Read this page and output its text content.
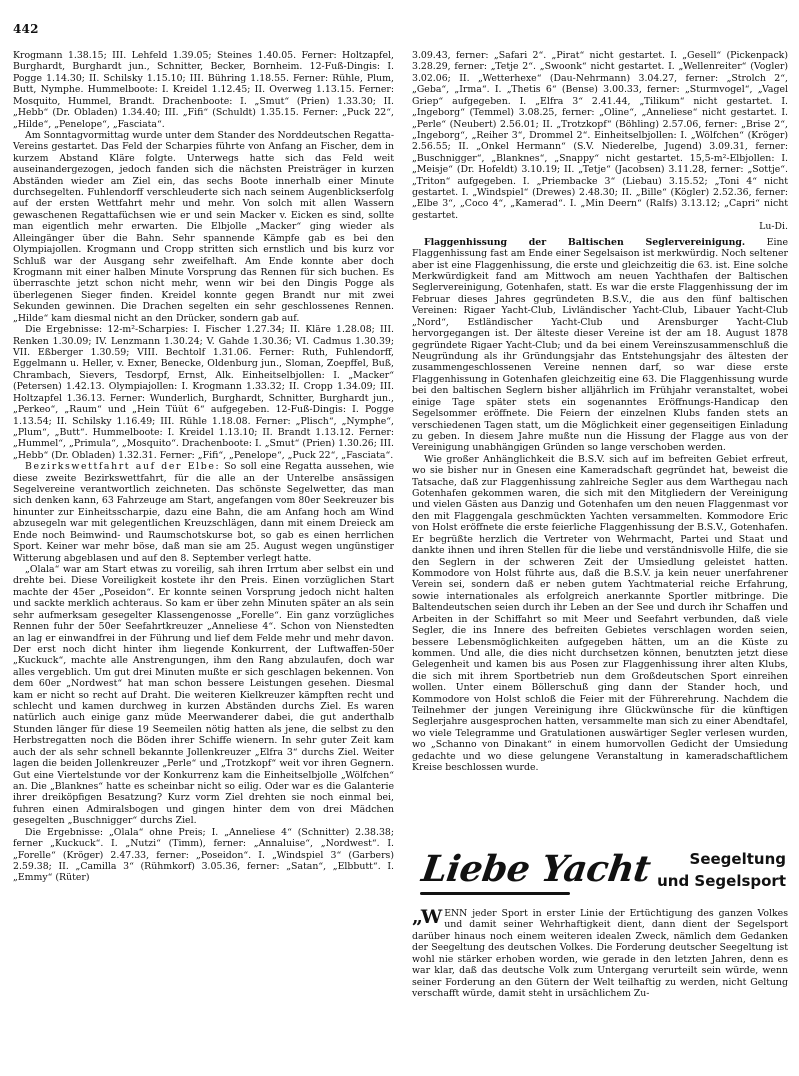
442

Krogmann 1.38.15; III. Lehfeld 1.39.05; Steines 1.40.05. Ferner: Holtzapfel, Burghardt, Burghardt jun., Schnitter, Becker, Bornheim. 12-Fuß-Dingis: I. Pogge 1.14.30; II. Schilsky 1.15.10; III. Bühring 1.18.55. Ferner: Rühle, Plum, Butt, Nymphe. Hummelboote: I. Kreidel 1.12.45; II. Overweg 1.13.15. Ferner: Mosquito, Hummel, Brandt. Drachenboote: I. „Smut“ (Prien) 1.33.30; II. „Hebb“ (Dr. Obladen) 1.34.40; III. „Fifi“ (Schuldt) 1.35.15. Ferner: „Puck 22“, „Hilde“, „Penelope“, „Fasciata“.

Am Sonntagvormittag wurde unter dem Stander des Norddeutschen Regatta-Vereins gestartet. Das Feld der Scharpies führte von Anfang an Fischer, dem in kurzem Abstand Kläre folgte. Unterwegs hatte sich das Feld weit auseinandergezogen, jedoch fanden sich die nächsten Preisträger in kurzen Abständen wieder am Ziel ein, das sechs Boote innerhalb einer Minute durchsegelten. Fuhlendorff verschleuderte sich nach seinem Augenblickserfolg auf der ersten Wettfahrt mehr und mehr. Von solch mit allen Wassern gewaschenen Regattafüchsen wie er und sein Macker v. Eicken es sind, sollte man eigentlich mehr erwarten. Die Elbjolle „Macker“ ging wieder als Alleingänger über die Bahn. Sehr spannende Kämpfe gab es bei den Olympiajollen. Krogmann und Cropp stritten sich ernstlich und bis kurz vor Schluß war der Ausgang sehr zweifelhaft. Am Ende konnte aber doch Krogmann mit einer halben Minute Vorsprung das Rennen für sich buchen. Es überraschte jetzt schon nicht mehr, wenn wir bei den Dingis Pogge als überlegenen Sieger finden. Kreidel konnte gegen Brandt nur mit zwei Sekunden gewinnen. Die Drachen segelten ein sehr geschlossenes Rennen. „Hilde“ kam diesmal nicht an den Drücker, sondern gab auf.

Die Ergebnisse: 12-m²-Scharpies: I. Fischer 1.27.34; II. Kläre 1.28.08; III. Renken 1.30.09; IV. Lenzmann 1.30.24; V. Gahde 1.30.36; VI. Cadmus 1.30.39; VII. Eßberger 1.30.59; VIII. Bechtolf 1.31.06. Ferner: Ruth, Fuhlendorff, Eggelmann u. Heller, v. Exner, Benecke, Oldenburg jun., Sloman, Zoepffel, Buß, Chrambach, Sievers, Tesdorpf, Ernst, Alk. Einheitselbjollen: I. „Macker“ (Petersen) 1.42.13. Olympiajollen: I. Krogmann 1.33.32; II. Cropp 1.34.09; III. Holtzapfel 1.36.13. Ferner: Wunderlich, Burghardt, Schnitter, Burghardt jun., „Perkeo“, „Raum“ und „Hein Tüüt 6“ aufgegeben. 12-Fuß-Dingis: I. Pogge 1.13.54; II. Schilsky 1.16.49; III. Rühle 1.18.08. Ferner: „Plisch“, „Nymphe“, „Plum“, „Butt“. Hummelboote: I. Kreidel 1.13.10; II. Brandt 1.13.12. Ferner: „Hummel“, „Primula“, „Mosquito“. Drachenboote: I. „Smut“ (Prien) 1.30.26; III. „Hebb“ (Dr. Obladen) 1.32.31. Ferner: „Fifi“, „Penelope“, „Puck 22“, „Fasciata“.

Bezirkswettfahrt auf der Elbe: So soll eine Regatta aussehen, wie diese zweite Bezirkswettfahrt, für die alle an der Unterelbe ansässigen Segelvereine verantwortlich zeichneten. Das schönste Segelwetter, das man sich denken kann, 63 Fahrzeuge am Start, angefangen vom 80er Seekreuzer bis hinunter zur Einheitsscharpie, dazu eine Bahn, die am Anfang hoch am Wind abzusegeln war mit gelegentlichen Kreuzschlägen, dann mit einem Dreieck am Ende noch Beimwind- und Raumschotskurse bot, so gab es einen herrlichen Sport. Keiner war mehr böse, daß man sie am 25. August wegen ungünstiger Witterung abgeblasen und auf den 8. September verlegt hatte.

„Olala“ war am Start etwas zu voreilig, sah ihren Irrtum aber selbst ein und drehte bei. Diese Voreiligkeit kostete ihr den Preis. Einen vorzüglichen Start machte der 45er „Poseidon“. Er konnte seinen Vorsprung jedoch nicht halten und sackte merklich achteraus. So kam er über zehn Minuten später an als sein sehr aufmerksam gesegelter Klassengenosse „Forelle“. Ein ganz vorzügliches Rennen fuhr der 50er Seefahrtkreuzer „Anneliese 4“. Schon von Nienstedten an lag er einwandfrei in der Führung und lief dem Felde mehr und mehr davon. Der erst noch dicht hinter ihm liegende Konkurrent, der Luftwaffen-50er „Kuckuck“, machte alle Anstrengungen, ihm den Rang abzulaufen, doch war alles vergeblich. Um gut drei Minuten mußte er sich geschlagen bekennen. Von dem 60er „Nordwest“ hat man schon bessere Leistungen gesehen. Diesmal kam er nicht so recht auf Draht. Die weiteren Kielkreuzer kämpften recht und schlecht und kamen durchweg in kurzen Abständen durchs Ziel. Es waren natürlich auch einige ganz müde Meerwanderer dabei, die gut anderthalb Stunden länger für diese 19 Seemeilen nötig hatten als jene, die selbst zu den Herbstregatten noch die Böden ihrer Schiffe wienern. In sehr guter Zeit kam auch der als sehr schnell bekannte Jollenkreuzer „Elfra 3“ durchs Ziel. Weiter lagen die beiden Jollenkreuzer „Perle“ und „Trotzkopf“ weit vor ihren Gegnern. Gut eine Viertelstunde vor der Konkurrenz kam die Einheitselbjolle „Wölfchen“ an. Die „Blanknes“ hatte es scheinbar nicht so eilig. Oder war es die Galanterie ihrer dreiköpfigen Besatzung? Kurz vorm Ziel drehten sie noch einmal bei, fuhren einen Admiralsbogen und gingen hinter dem von drei Mädchen gesegelten „Buschnigger“ durchs Ziel.

Die Ergebnisse: „Olala“ ohne Preis; I. „Anneliese 4“ (Schnitter) 2.38.38; ferner „Kuckuck“. I. „Nutzi“ (Timm), ferner: „Annaluise“, „Nordwest“. I. „Forelle“ (Kröger) 2.47.33, ferner: „Poseidon“. I. „Windspiel 3“ (Garbers) 2.59.38; II. „Camilla 3“ (Rühmkorf) 3.05.36, ferner: „Satan“, „Elbbutt“. I. „Emmy“ (Rüter)

3.09.43, ferner: „Safari 2“. „Pirat“ nicht gestartet. I. „Gesell“ (Pickenpack) 3.28.29, ferner: „Tetje 2“. „Swoonk“ nicht gestartet. I. „Wellenreiter“ (Vogler) 3.02.06; II. „Wetterhexe“ (Dau-Nehrmann) 3.04.27, ferner: „Strolch 2“, „Geba“, „Irma“. I. „Thetis 6“ (Bense) 3.00.33, ferner: „Sturmvogel“, „Vagel Griep“ aufgegeben. I. „Elfra 3“ 2.41.44, „Tilikum“ nicht gestartet. I. „Ingeborg“ (Temmel) 3.08.25, ferner: „Oline“, „Anneliese“ nicht gestartet. I. „Perle“ (Neubert) 2.56.01; II. „Trotzkopf“ (Böhling) 2.57.06, ferner: „Brise 2“, „Ingeborg“, „Reiher 3“, Drommel 2“. Einheitselbjollen: I. „Wölfchen“ (Kröger) 2.56.55; II. „Onkel Hermann“ (S.V. Niederelbe, Jugend) 3.09.31, ferner: „Buschnigger“, „Blanknes“, „Snappy“ nicht gestartet. 15,5-m²-Elbjollen: I. „Meisje“ (Dr. Hofeldt) 3.10.19; II. „Tetje“ (Jacobsen) 3.11.28, ferner: „Sottje“. „Triton“ aufgegeben. I. „Priembacke 3“ (Liebau) 3.15.52; „Toni 4“ nicht gestartet. I. „Windspiel“ (Drewes) 2.48.30; II. „Bille“ (Kögler) 2.52.36, ferner: „Elbe 3“, „Coco 4“, „Kamerad“. I. „Min Deern“ (Ralfs) 3.13.12; „Capri“ nicht gestartet.

Lu-Di.

Flaggenhissung der Baltischen Seglervereinigung. Eine Flaggenhissung fast am Ende einer Segelsaison ist merkwürdig. Noch seltener aber ist eine Flaggenhissung, die erste und gleichzeitig die 63. ist. Eine solche Merkwürdigkeit fand am Mittwoch am neuen Yachthafen der Baltischen Seglervereinigung, Gotenhafen, statt. Es war die erste Flaggenhissung der im Februar dieses Jahres gegründeten B.S.V., die aus den fünf baltischen Vereinen: Rigaer Yacht-Club, Livländischer Yacht-Club, Libauer Yacht-Club „Nord“, Estländischer Yacht-Club und Arensburger Yacht-Club hervorgegangen ist. Der älteste dieser Vereine ist der am 18. August 1878 gegründete Rigaer Yacht-Club; und da bei einem Vereinszusammenschluß die Neugründung als ihr Gründungsjahr das Entstehungsjahr des ältesten der zusammengeschlossenen Vereine nennen darf, so war diese erste Flaggenhissung in Gotenhafen gleichzeitig eine 63. Die Flaggenhissung wurde bei den baltischen Seglern bisher alljährlich im Frühjahr veranstaltet, wobei einige Tage später stets ein sogenanntes Eröffnungs-Handicap den Segelsommer eröffnete. Die Feiern der einzelnen Klubs fanden stets an verschiedenen Tagen statt, um die Möglichkeit einer gegenseitigen Einladung zu geben. In diesem Jahre mußte nun die Hissung der Flagge aus von der Vereinigung unabhängigen Gründen so lange verschoben werden.

Wie großer Anhänglichkeit die B.S.V. sich auf im befreiten Gebiet erfreut, wo sie bisher nur in Gnesen eine Kameradschaft gegründet hat, beweist die Tatsache, daß zur Flaggenhissung zahlreiche Segler aus dem Warthegau nach Gotenhafen gekommen waren, die sich mit den Mitgliedern der Vereinigung und vielen Gästen aus Danzig und Gotenhafen um den neuen Flaggenmast vor den mit Flaggengala geschmückten Yachten versammelten. Kommodore Eric von Holst eröffnete die erste feierliche Flaggenhissung der B.S.V., Gotenhafen. Er begrüßte herzlich die Vertreter von Wehrmacht, Partei und Staat und dankte ihnen und ihren Stellen für die liebe und verständnisvolle Hilfe, die sie den Seglern in der schweren Zeit der Umsiedlung geleistet hatten. Kommodore von Holst führte aus, daß die B.S.V. ja kein neuer unerfahrener Verein sei, sondern daß er neben gutem Yachtmaterial reiche Erfahrung, sowie internationales als erfolgreich anerkannte Sportler mitbringe. Die Baltendeutschen seien durch ihr Leben an der See und durch ihr Schaffen und Arbeiten in der Schiffahrt so mit Meer und Seefahrt verbunden, daß viele Segler, die ins Innere des befreiten Gebietes verschlagen worden seien, bessere Lebensmöglichkeiten aufgegeben hätten, um an die Küste zu kommen. Und alle, die dies nicht durchsetzen können, benutzten jetzt diese Gelegenheit und kamen bis aus Posen zur Flaggenhissung ihrer alten Klubs, die sich mit ihrem Sportbetrieb nun dem Großdeutschen Sport einreihen wollen. Unter einem Böllerschuß ging dann der Stander hoch, und Kommodore von Holst schloß die Feier mit der Führerehrung. Nachdem die Teilnehmer der jungen Vereinigung ihre Glückwünsche für die künftigen Seglerjahre ausgesprochen hatten, versammelte man sich zu einer Abendtafel, wo viele Telegramme und Gratulationen auswärtiger Segler verlesen wurden, wo „Schanno von Dinakant“ in einem humorvollen Gedicht der Umsiedung gedachte und wo diese gelungene Veranstaltung in kameradschaftlichem Kreise beschlossen wurde.

Liebe Yacht	Seegeltung
und Segelsport

„W ENN jeder Sport in erster Linie der Ertüchtigung des ganzen Volkes und damit seiner Wehrhaftigkeit dient, dann dient der Segelsport darüber hinaus noch einem weiteren idealen Zweck, nämlich dem Gedanken der Seegeltung des deutschen Volkes. Die Forderung deutscher Seegeltung ist wohl nie stärker erhoben worden, wie gerade in den letzten Jahren, denn es war klar, daß das deutsche Volk zum Untergang verurteilt sein würde, wenn seiner Forderung an den Gütern der Welt teilhaftig zu werden, nicht Geltung verschafft würde, damit steht in ursächlichem Zu-
